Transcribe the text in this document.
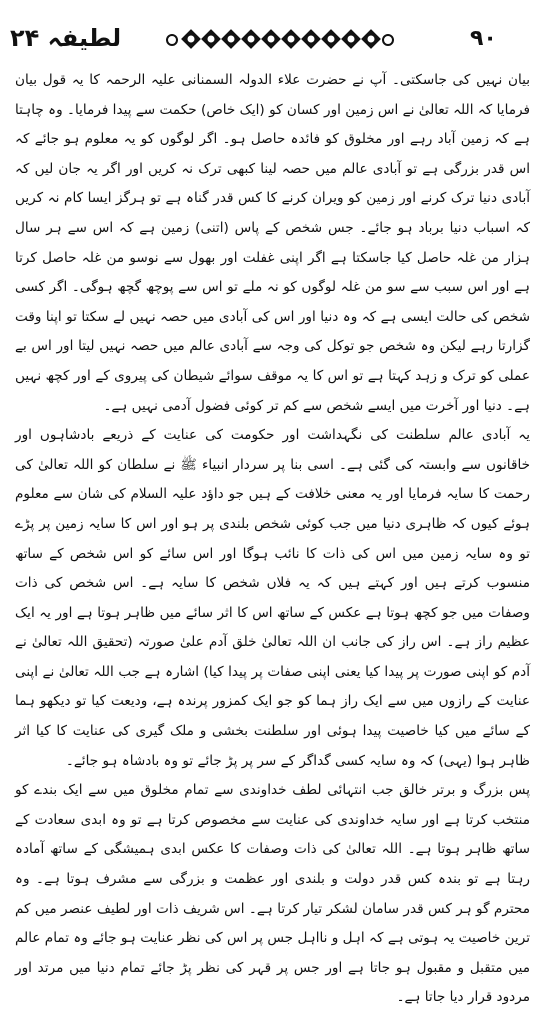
۹۰
لطیفہ ۲۴

بیان نہیں کی جاسکتی۔ آپ نے حضرت علاء الدولہ السمنانی علیہ الرحمہ کا یہ قول بیان فرمایا کہ اللہ تعالیٰ نے اس زمین اور کسان کو (ایک خاص) حکمت سے پیدا فرمایا۔ وہ چاہتا ہے کہ زمین آباد رہے اور مخلوق کو فائدہ حاصل ہو۔ اگر لوگوں کو یہ معلوم ہو جائے کہ اس قدر بزرگی ہے تو آبادی عالم میں حصہ لینا کبھی ترک نہ کریں اور اگر یہ جان لیں کہ آبادی دنیا ترک کرنے اور زمین کو ویران کرنے کا کس قدر گناہ ہے تو ہرگز ایسا کام نہ کریں کہ اسباب دنیا برباد ہو جائے۔ جس شخص کے پاس (اتنی) زمین ہے کہ اس سے ہر سال ہزار من غلہ حاصل کیا جاسکتا ہے اگر اپنی غفلت اور بھول سے نوسو من غلہ حاصل کرتا ہے اور اس سبب سے سو من غلہ لوگوں کو نہ ملے تو اس سے پوچھ گچھ ہوگی۔ اگر کسی شخص کی حالت ایسی ہے کہ وہ دنیا اور اس کی آبادی میں حصہ نہیں لے سکتا تو اپنا وقت گزارتا رہے لیکن وہ شخص جو توکل کی وجہ سے آبادی عالم میں حصہ نہیں لیتا اور اس بے عملی کو ترک و زہد کہتا ہے تو اس کا یہ موقف سوائے شیطان کی پیروی کے اور کچھ نہیں ہے۔ دنیا اور آخرت میں ایسے شخص سے کم تر کوئی فضول آدمی نہیں ہے۔

یہ آبادی عالم سلطنت کی نگہداشت اور حکومت کی عنایت کے ذریعے بادشاہوں اور خاقانوں سے وابستہ کی گئی ہے۔ اسی بنا پر سردار انبیاء ﷺ نے سلطان کو اللہ تعالیٰ کی رحمت کا سایہ فرمایا اور یہ معنی خلافت کے ہیں جو داؤد علیہ السلام کی شان سے معلوم ہوئے کیوں کہ ظاہری دنیا میں جب کوئی شخص بلندی پر ہو اور اس کا سایہ زمین پر پڑے تو وہ سایہ زمین میں اس کی ذات کا نائب ہوگا اور اس سائے کو اس شخص کے ساتھ منسوب کرتے ہیں اور کہتے ہیں کہ یہ فلاں شخص کا سایہ ہے۔ اس شخص کی ذات وصفات میں جو کچھ ہوتا ہے عکس کے ساتھ اس کا اثر سائے میں ظاہر ہوتا ہے اور یہ ایک عظیم راز ہے۔ اس راز کی جانب ان اللہ تعالیٰ خلق آدم علیٰ صورتہ (تحقیق اللہ تعالیٰ نے آدم کو اپنی صورت پر پیدا کیا یعنی اپنی صفات پر پیدا کیا) اشارہ ہے جب اللہ تعالیٰ نے اپنی عنایت کے رازوں میں سے ایک راز ہما کو جو ایک کمزور پرندہ ہے، ودیعت کیا تو دیکھو ہما کے سائے میں کیا خاصیت پیدا ہوئی اور سلطنت بخشی و ملک گیری کی عنایت کا کیا اثر ظاہر ہوا (یہی) کہ وہ سایہ کسی گداگر کے سر پر پڑ جائے تو وہ بادشاہ ہو جائے۔

پس بزرگ و برتر خالق جب انتہائی لطف خداوندی سے تمام مخلوق میں سے ایک بندے کو منتخب کرتا ہے اور سایہ خداوندی کی عنایت سے مخصوص کرتا ہے تو وہ ابدی سعادت کے ساتھ ظاہر ہوتا ہے۔ اللہ تعالیٰ کی ذات وصفات کا عکس ابدی ہمیشگی کے ساتھ آمادہ رہتا ہے تو بندہ کس قدر دولت و بلندی اور عظمت و بزرگی سے مشرف ہوتا ہے۔ وہ محترم گو ہر کس قدر سامان لشکر تیار کرتا ہے۔ اس شریف ذات اور لطیف عنصر میں کم ترین خاصیت یہ ہوتی ہے کہ اہل و نااہل جس پر اس کی نظر عنایت ہو جائے وہ تمام عالم میں متقبل و مقبول ہو جاتا ہے اور جس پر قہر کی نظر پڑ جائے تمام دنیا میں مرتد اور مردود قرار دیا جاتا ہے۔
